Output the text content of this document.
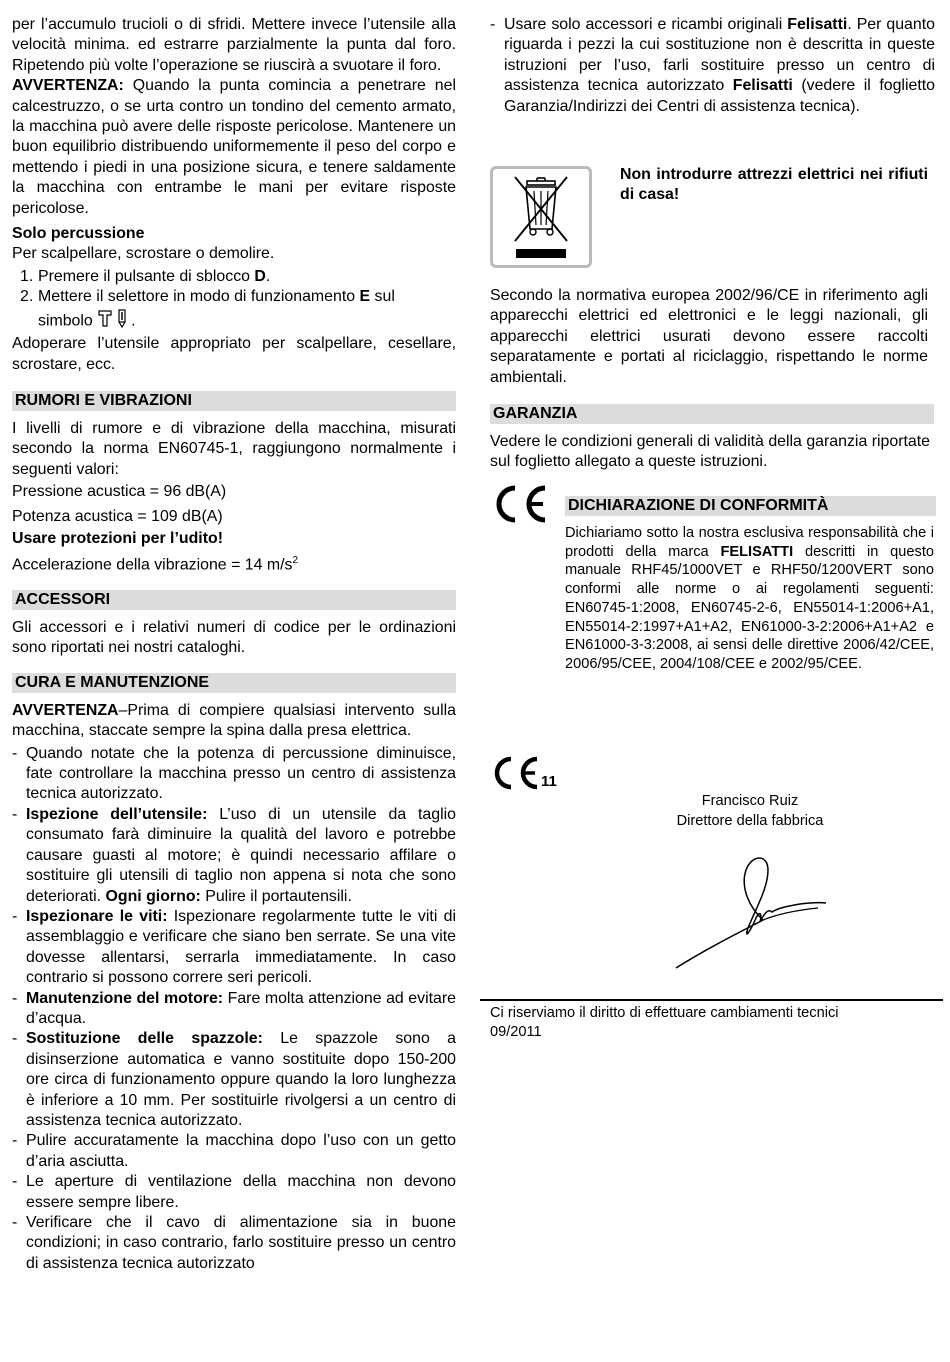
per l’accumulo trucioli o di sfridi. Mettere invece l’utensile alla velocità minima. ed estrarre parzialmente la punta dal foro. Ripetendo più volte l’operazione se riuscirà a svuotare il foro.

AVVERTENZA: Quando la punta comincia a penetrare nel calcestruzzo, o se urta contro un tondino del cemento armato, la macchina può avere delle risposte pericolose. Mantenere un buon equilibrio distribuendo uniformemente il peso del corpo e mettendo i piedi in una posizione sicura, e tenere saldamente la macchina con entrambe le mani per evitare risposte pericolose.

Solo percussione

Per scalpellare, scrostare o demolire.

1. Premere il pulsante di sblocco D.
2. Mettere il selettore in modo di funzionamento E sul
simbolo .

Adoperare l’utensile appropriato per scalpellare, cesellare, scrostare, ecc.

RUMORI E VIBRAZIONI

I livelli di rumore e di vibrazione della macchina, misurati secondo la norma EN60745-1, raggiungono normalmente i seguenti valori:

Pressione acustica = 96 dB(A)

Potenza acustica = 109 dB(A)

Usare protezioni per l’udito!

Accelerazione della vibrazione = 14 $m/s^2$

ACCESSORI

Gli accessori e i relativi numeri di codice per le ordinazioni sono riportati nei nostri cataloghi.

CURA E MANUTENZIONE

AVVERTENZA–Prima di compiere qualsiasi intervento sulla macchina, staccate sempre la spina dalla presa elettrica.

- Quando notate che la potenza di percussione diminuisce, fate controllare la macchina presso un centro di assistenza tecnica autorizzato.
- Ispezione dell’utensile: L’uso di un utensile da taglio consumato farà diminuire la qualità del lavoro e potrebbe causare guasti al motore; è quindi necessario affilare o sostituire gli utensili di taglio non appena si nota che sono deteriorati. Ogni giorno: Pulire il portautensili.
- Ispezionare le viti: Ispezionare regolarmente tutte le viti di assemblaggio e verificare che siano ben serrate. Se una vite dovesse allentarsi, serrarla immediatamente. In caso contrario si possono correre seri pericoli.
- Manutenzione del motore: Fare molta attenzione ad evitare d’acqua.
- Sostituzione delle spazzole: Le spazzole sono a disinserzione automatica e vanno sostituite dopo 150-200 ore circa di funzionamento oppure quando la loro lunghezza è inferiore a 10 mm. Per sostituirle rivolgersi a un centro di assistenza tecnica autorizzato.
- Pulire accuratamente la macchina dopo l’uso con un getto d’aria asciutta.
- Le aperture di ventilazione della macchina non devono essere sempre libere.
- Verificare che il cavo di alimentazione sia in buone condizioni; in caso contrario, farlo sostituire presso un centro di assistenza tecnica autorizzato
- Usare solo accessori e ricambi originali Felisatti. Per quanto riguarda i pezzi la cui sostituzione non è descritta in queste istruzioni per l’uso, farli sostituire presso un centro di assistenza tecnica autorizzato Felisatti (vedere il foglietto Garanzia/Indirizzi dei Centri di assistenza tecnica).

Non introdurre attrezzi elettrici nei rifiuti di casa!

Secondo la normativa europea 2002/96/CE in riferimento agli apparecchi elettrici ed elettronici e le leggi nazionali, gli apparecchi elettrici usurati devono essere raccolti separatamente e portati al riciclaggio, rispettando le norme ambientali.

GARANZIA

Vedere le condizioni generali di validità della garanzia riportate sul foglietto allegato a queste istruzioni.

DICHIARAZIONE DI CONFORMITÀ

Dichiariamo sotto la nostra esclusiva responsabilità che i prodotti della marca FELISATTI descritti in questo manuale RHF45/1000VET e RHF50/1200VERT sono conformi alle norme o ai regolamenti seguenti: EN60745-1:2008, EN60745-2-6, EN55014-1:2006+A1, EN55014-2:1997+A1+A2, EN61000-3-2:2006+A1+A2 e EN61000-3-3:2008, ai sensi delle direttive 2006/42/CEE, 2006/95/CEE, 2004/108/CEE e 2002/95/CEE.

Francisco Ruiz
Direttore della fabbrica

Ci riserviamo il diritto di effettuare cambiamenti tecnici
09/2011

11
